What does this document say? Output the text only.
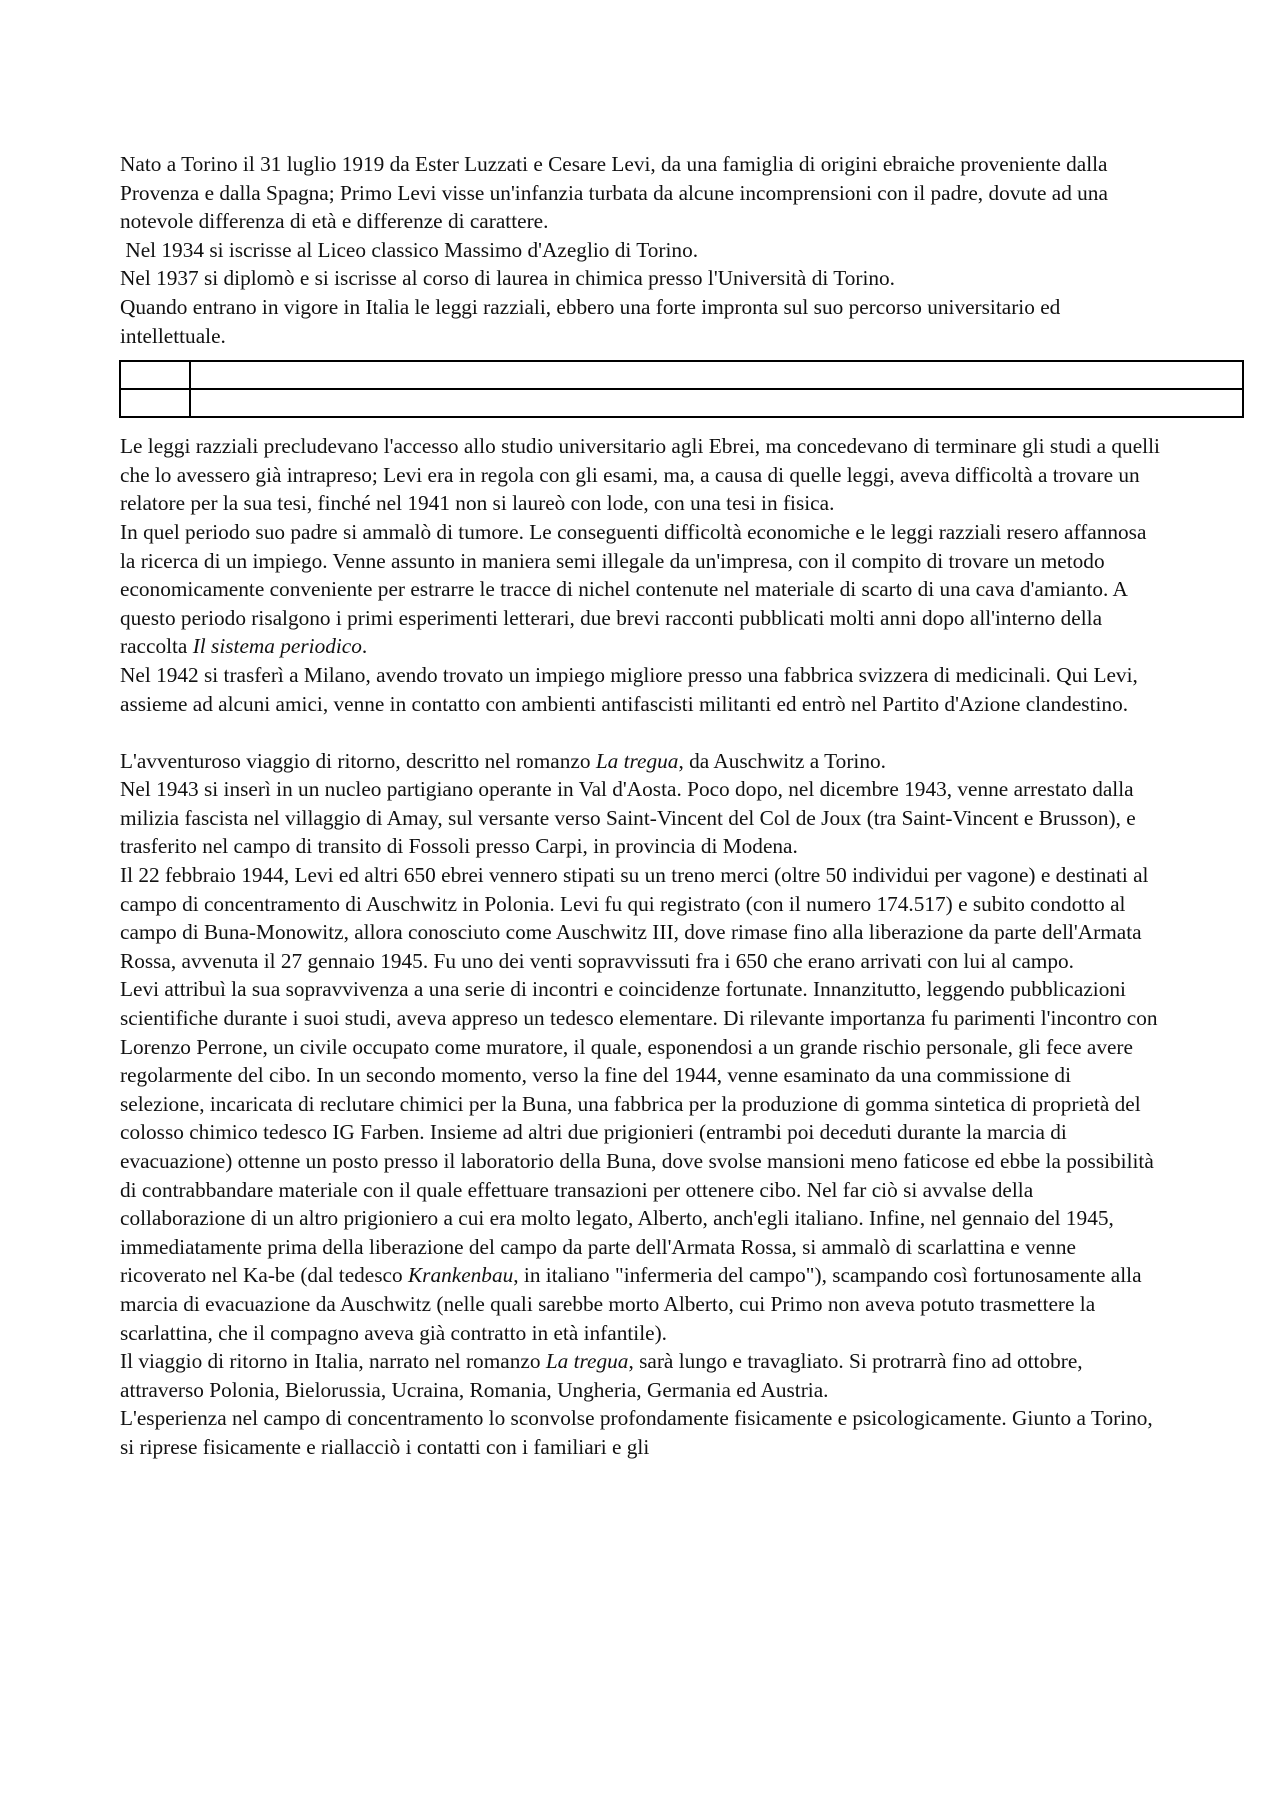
Nato a Torino il 31 luglio 1919 da Ester Luzzati e Cesare Levi, da una famiglia di origini ebraiche proveniente dalla Provenza e dalla Spagna; Primo Levi visse un'infanzia turbata da alcune incomprensioni con il padre, dovute ad una notevole differenza di età e differenze di carattere.

Nel 1934 si iscrisse al Liceo classico Massimo d'Azeglio di Torino.

Nel 1937 si diplomò e si iscrisse al corso di laurea in chimica presso l'Università di Torino.

Quando entrano in vigore in Italia le leggi razziali, ebbero una forte impronta sul suo percorso universitario ed intellettuale.

Le leggi razziali precludevano l'accesso allo studio universitario agli Ebrei, ma concedevano di terminare gli studi a quelli che lo avessero già intrapreso; Levi era in regola con gli esami, ma, a causa di quelle leggi, aveva difficoltà a trovare un relatore per la sua tesi, finché nel 1941 non si laureò con lode, con una tesi in fisica.

In quel periodo suo padre si ammalò di tumore. Le conseguenti difficoltà economiche e le leggi razziali resero affannosa la ricerca di un impiego. Venne assunto in maniera semi illegale da un'impresa, con il compito di trovare un metodo economicamente conveniente per estrarre le tracce di nichel contenute nel materiale di scarto di una cava d'amianto. A questo periodo risalgono i primi esperimenti letterari, due brevi racconti pubblicati molti anni dopo all'interno della raccolta Il sistema periodico.

Nel 1942 si trasferì a Milano, avendo trovato un impiego migliore presso una fabbrica svizzera di medicinali. Qui Levi, assieme ad alcuni amici, venne in contatto con ambienti antifascisti militanti ed entrò nel Partito d'Azione clandestino.

L'avventuroso viaggio di ritorno, descritto nel romanzo La tregua, da Auschwitz a Torino.

Nel 1943 si inserì in un nucleo partigiano operante in Val d'Aosta. Poco dopo, nel dicembre 1943, venne arrestato dalla milizia fascista nel villaggio di Amay, sul versante verso Saint-Vincent del Col de Joux (tra Saint-Vincent e Brusson), e trasferito nel campo di transito di Fossoli presso Carpi, in provincia di Modena.

Il 22 febbraio 1944, Levi ed altri 650 ebrei vennero stipati su un treno merci (oltre 50 individui per vagone) e destinati al campo di concentramento di Auschwitz in Polonia. Levi fu qui registrato (con il numero 174.517) e subito condotto al campo di Buna-Monowitz, allora conosciuto come Auschwitz III, dove rimase fino alla liberazione da parte dell'Armata Rossa, avvenuta il 27 gennaio 1945. Fu uno dei venti sopravvissuti fra i 650 che erano arrivati con lui al campo.

Levi attribuì la sua sopravvivenza a una serie di incontri e coincidenze fortunate. Innanzitutto, leggendo pubblicazioni scientifiche durante i suoi studi, aveva appreso un tedesco elementare. Di rilevante importanza fu parimenti l'incontro con Lorenzo Perrone, un civile occupato come muratore, il quale, esponendosi a un grande rischio personale, gli fece avere regolarmente del cibo. In un secondo momento, verso la fine del 1944, venne esaminato da una commissione di selezione, incaricata di reclutare chimici per la Buna, una fabbrica per la produzione di gomma sintetica di proprietà del colosso chimico tedesco IG Farben. Insieme ad altri due prigionieri (entrambi poi deceduti durante la marcia di evacuazione) ottenne un posto presso il laboratorio della Buna, dove svolse mansioni meno faticose ed ebbe la possibilità di contrabbandare materiale con il quale effettuare transazioni per ottenere cibo. Nel far ciò si avvalse della collaborazione di un altro prigioniero a cui era molto legato, Alberto, anch'egli italiano. Infine, nel gennaio del 1945, immediatamente prima della liberazione del campo da parte dell'Armata Rossa, si ammalò di scarlattina e venne ricoverato nel Ka-be (dal tedesco Krankenbau, in italiano "infermeria del campo"), scampando così fortunosamente alla marcia di evacuazione da Auschwitz (nelle quali sarebbe morto Alberto, cui Primo non aveva potuto trasmettere la scarlattina, che il compagno aveva già contratto in età infantile).

Il viaggio di ritorno in Italia, narrato nel romanzo La tregua, sarà lungo e travagliato. Si protrarrà fino ad ottobre, attraverso Polonia, Bielorussia, Ucraina, Romania, Ungheria, Germania ed Austria.

L'esperienza nel campo di concentramento lo sconvolse profondamente fisicamente e psicologicamente. Giunto a Torino, si riprese fisicamente e riallacciò i contatti con i familiari e gli
